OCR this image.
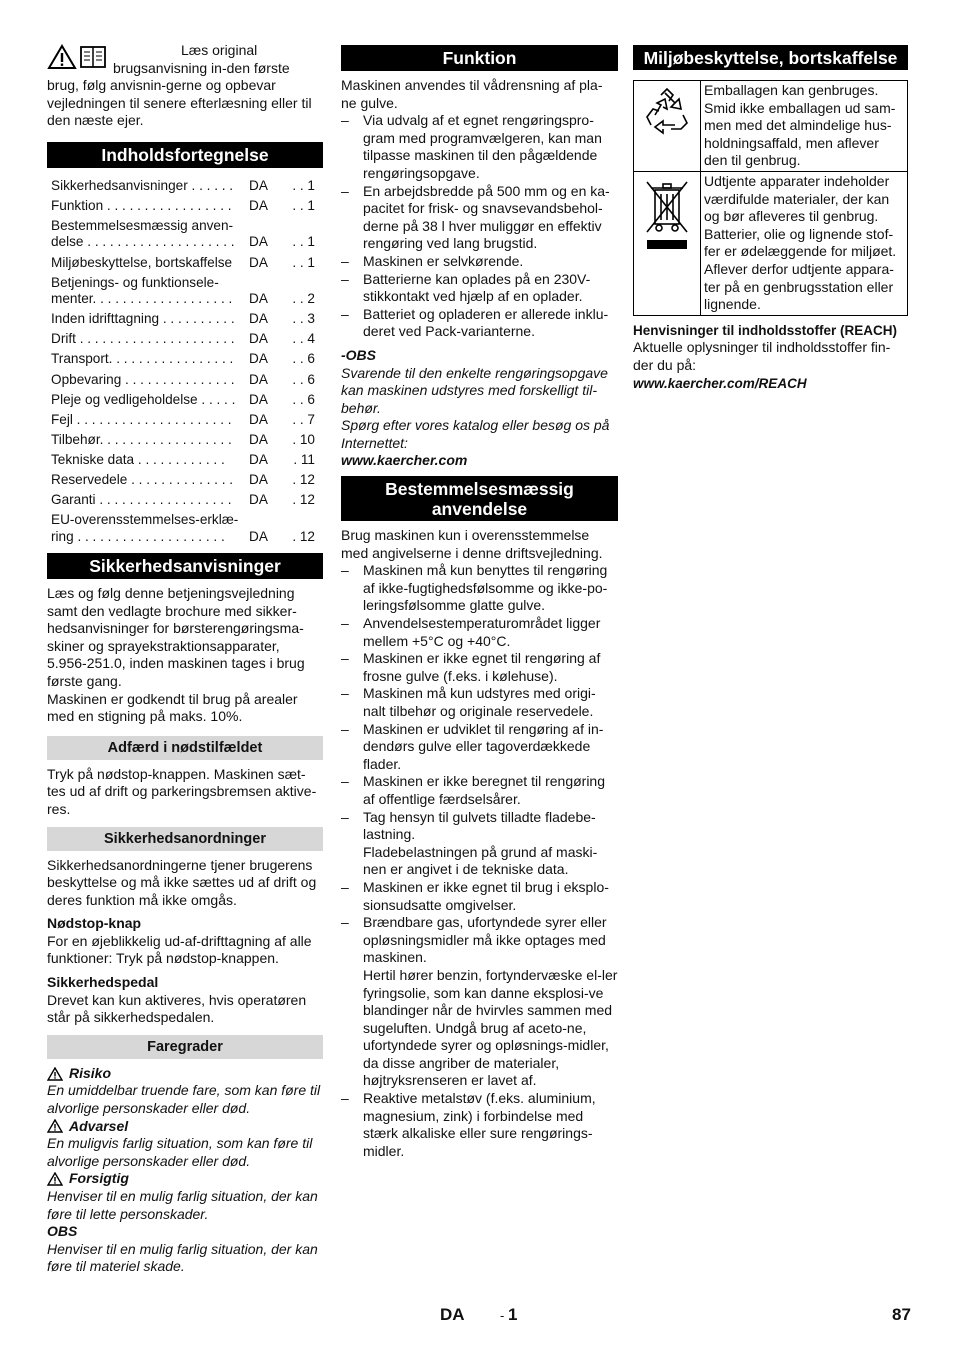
Læs original brugsanvisning in-den første brug, følg anvisnin-gerne og opbevar vejledningen til senere efterlæsning eller til den næste ejer.

Indholdsfortegnelse
Sikkerhedsanvisninger . . . . . .	DA	. . 1
Funktion . . . . . . . . . . . . . . . . .	DA	. . 1
Bestemmelsesmæssig anven-delse . . . . . . . . . . . . . . . . . . . .	DA	. . 1
Miljøbeskyttelse, bortskaffelse	DA	. . 1
Betjenings- og funktionsele-menter. . . . . . . . . . . . . . . . . . .	DA	. . 2
Inden idrifttagning . . . . . . . . . .	DA	. . 3
Drift . . . . . . . . . . . . . . . . . . . . .	DA	. . 4
Transport. . . . . . . . . . . . . . . . .	DA	. . 6
Opbevaring . . . . . . . . . . . . . . .	DA	. . 6
Pleje og vedligeholdelse . . . . .	DA	. . 6
Fejl . . . . . . . . . . . . . . . . . . . . .	DA	. . 7
Tilbehør. . . . . . . . . . . . . . . . . .	DA	. 10
Tekniske data . . . . . . . . . . . .	DA	. 11
Reservedele . . . . . . . . . . . . . .	DA	. 12
Garanti . . . . . . . . . . . . . . . . . .	DA	. 12
EU-overensstemmelses-erklæ-ring . . . . . . . . . . . . . . . . . . . .	DA	. 12
Sikkerhedsanvisninger

Læs og følg denne betjeningsvejledning samt den vedlagte brochure med sikker-hedsanvisninger for børsterengøringsma-skiner og sprayekstraktionsapparater, 5.956-251.0, inden maskinen tages i brug første gang.

Maskinen er godkendt til brug på arealer med en stigning på maks. 10%.

Adfærd i nødstilfældet

Tryk på nødstop-knappen. Maskinen sæt-tes ud af drift og parkeringsbremsen aktive-res.

Sikkerhedsanordninger

Sikkerhedsanordningerne tjener brugerens beskyttelse og må ikke sættes ud af drift og deres funktion må ikke omgås.

Nødstop-knap

For en øjeblikkelig ud-af-drifttagning af alle funktioner: Tryk på nødstop-knappen.

Sikkerhedspedal

Drevet kan kun aktiveres, hvis operatøren står på sikkerhedspedalen.

Faregrader
Risiko

En umiddelbar truende fare, som kan føre til alvorlige personskader eller død.

Advarsel

En muligvis farlig situation, som kan føre til alvorlige personskader eller død.

Forsigtig

Henviser til en mulig farlig situation, der kan føre til lette personskader.

OBS

Henviser til en mulig farlig situation, der kan føre til materiel skade.

Funktion

Maskinen anvendes til vådrensning af pla-ne gulve.

– Via udvalg af et egnet rengøringspro-gram med programvælgeren, kan man tilpasse maskinen til den pågældende rengøringsopgave.
– En arbejdsbredde på 500 mm og en ka-pacitet for frisk- og snavsevandsbehol-derne på 38 l hver muliggør en effektiv rengøring ved lang brugstid.
– Maskinen er selvkørende.
– Batterierne kan oplades på en 230V-stikkontakt ved hjælp af en oplader.
– Batteriet og opladeren er allerede inklu-deret ved Pack-varianterne.

-OBS

Svarende til den enkelte rengøringsopgave kan maskinen udstyres med forskelligt til-behør.

Spørg efter vores katalog eller besøg os på Internettet:

www.kaercher.com

Bestemmelsesmæssig anvendelse

Brug maskinen kun i overensstemmelse med angivelserne i denne driftsvejledning.

– Maskinen må kun benyttes til rengøring af ikke-fugtighedsfølsomme og ikke-po-leringsfølsomme glatte gulve.
– Anvendelsestemperaturområdet ligger mellem +5°C og +40°C.
– Maskinen er ikke egnet til rengøring af frosne gulve (f.eks. i kølehuse).
– Maskinen må kun udstyres med origi-nalt tilbehør og originale reservedele.
– Maskinen er udviklet til rengøring af in-dendørs gulve eller tagoverdækkede flader.
– Maskinen er ikke beregnet til rengøring af offentlige færdselsårer.
– Tag hensyn til gulvets tilladte fladebe-lastning.
Fladebelastningen på grund af maski-nen er angivet i de tekniske data.
– Maskinen er ikke egnet til brug i eksplo-sionsudsatte omgivelser.
– Brændbare gas, ufortyndede syrer eller opløsningsmidler må ikke optages med maskinen.
Hertil hører benzin, fortyndervæske el-ler fyringsolie, som kan danne eksplosi-ve blandinger når de hvirvles sammen med sugeluften. Undgå brug af aceto-ne, ufortyndede syrer og opløsnings-midler, da disse angriber de materialer, højtryksrenseren er lavet af.
– Reaktive metalstøv (f.eks. aluminium, magnesium, zink) i forbindelse med stærk alkaliske eller sure rengørings-midler.
Miljøbeskyttelse, bortskaffelse
	Emballagen kan genbruges. Smid ikke emballagen ud sam-men med det almindelige hus-holdningsaffald, men aflever den til genbrug.
	Udtjente apparater indeholder værdifulde materialer, der kan og bør afleveres til genbrug. Batterier, olie og lignende stof-fer er ødelæggende for miljøet. Aflever derfor udtjente appara-ter på en genbrugsstation eller lignende.

Henvisninger til indholdsstoffer (REACH)

Aktuelle oplysninger til indholdsstoffer fin-der du på:

www.kaercher.com/REACH

DA	- 1	87
